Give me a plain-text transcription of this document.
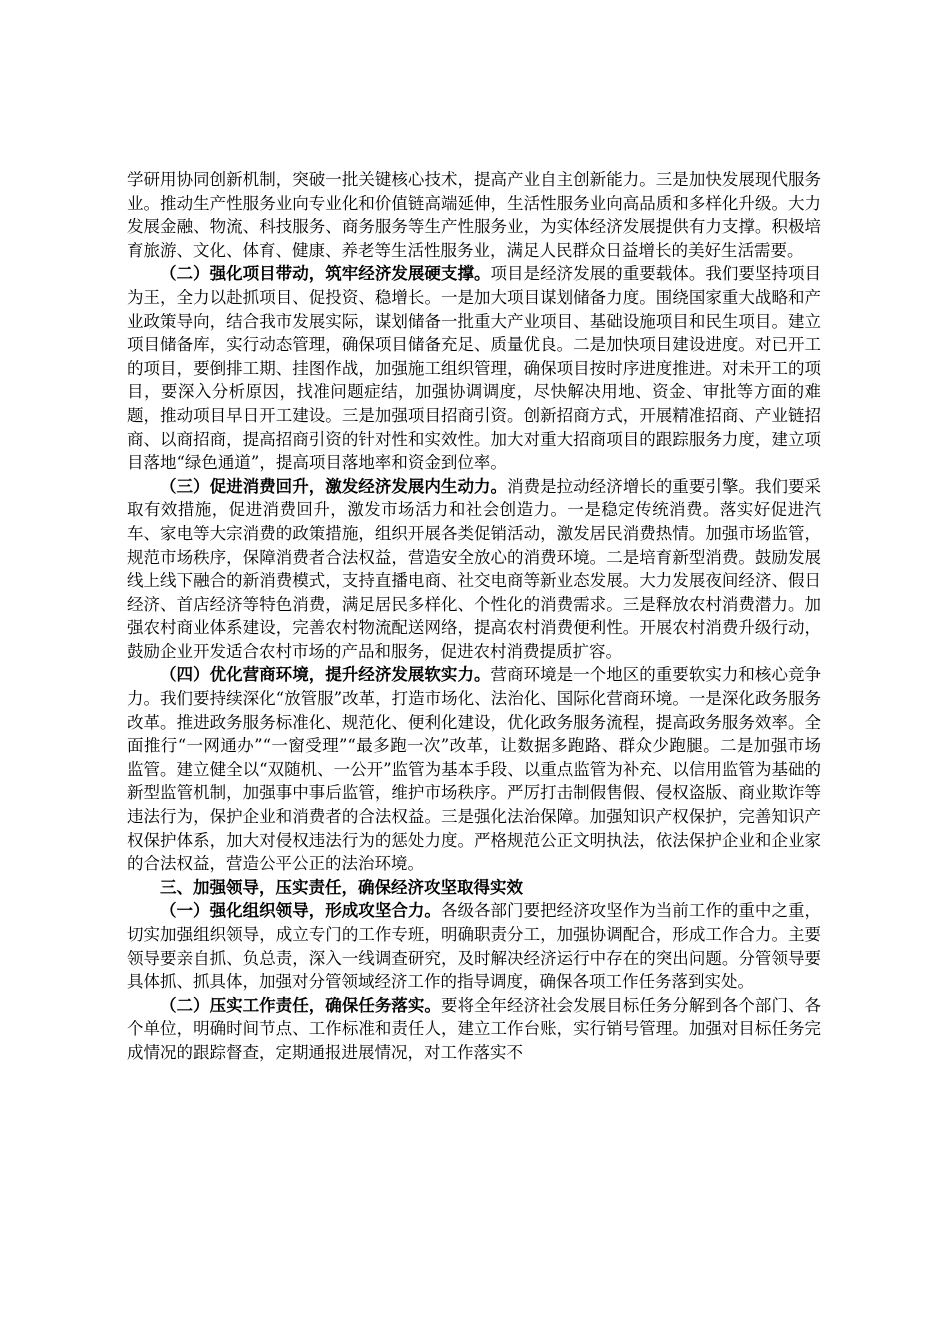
学研用协同创新机制，突破一批关键核心技术，提高产业自主创新能力。三是加快发展现代服务业。推动生产性服务业向专业化和价值链高端延伸，生活性服务业向高品质和多样化升级。大力发展金融、物流、科技服务、商务服务等生产性服务业，为实体经济发展提供有力支撑。积极培育旅游、文化、体育、健康、养老等生活性服务业，满足人民群众日益增长的美好生活需要。

（二）强化项目带动，筑牢经济发展硬支撑。项目是经济发展的重要载体。我们要坚持项目为王，全力以赴抓项目、促投资、稳增长。一是加大项目谋划储备力度。围绕国家重大战略和产业政策导向，结合我市发展实际，谋划储备一批重大产业项目、基础设施项目和民生项目。建立项目储备库，实行动态管理，确保项目储备充足、质量优良。二是加快项目建设进度。对已开工的项目，要倒排工期、挂图作战，加强施工组织管理，确保项目按时序进度推进。对未开工的项目，要深入分析原因，找准问题症结，加强协调调度，尽快解决用地、资金、审批等方面的难题，推动项目早日开工建设。三是加强项目招商引资。创新招商方式，开展精准招商、产业链招商、以商招商，提高招商引资的针对性和实效性。加大对重大招商项目的跟踪服务力度，建立项目落地“绿色通道”，提高项目落地率和资金到位率。

（三）促进消费回升，激发经济发展内生动力。消费是拉动经济增长的重要引擎。我们要采取有效措施，促进消费回升，激发市场活力和社会创造力。一是稳定传统消费。落实好促进汽车、家电等大宗消费的政策措施，组织开展各类促销活动，激发居民消费热情。加强市场监管，规范市场秩序，保障消费者合法权益，营造安全放心的消费环境。二是培育新型消费。鼓励发展线上线下融合的新消费模式，支持直播电商、社交电商等新业态发展。大力发展夜间经济、假日经济、首店经济等特色消费，满足居民多样化、个性化的消费需求。三是释放农村消费潜力。加强农村商业体系建设，完善农村物流配送网络，提高农村消费便利性。开展农村消费升级行动，鼓励企业开发适合农村市场的产品和服务，促进农村消费提质扩容。

（四）优化营商环境，提升经济发展软实力。营商环境是一个地区的重要软实力和核心竞争力。我们要持续深化“放管服”改革，打造市场化、法治化、国际化营商环境。一是深化政务服务改革。推进政务服务标准化、规范化、便利化建设，优化政务服务流程，提高政务服务效率。全面推行“一网通办”“一窗受理”“最多跑一次”改革，让数据多跑路、群众少跑腿。二是加强市场监管。建立健全以“双随机、一公开”监管为基本手段、以重点监管为补充、以信用监管为基础的新型监管机制，加强事中事后监管，维护市场秩序。严厉打击制假售假、侵权盗版、商业欺诈等违法行为，保护企业和消费者的合法权益。三是强化法治保障。加强知识产权保护，完善知识产权保护体系，加大对侵权违法行为的惩处力度。严格规范公正文明执法，依法保护企业和企业家的合法权益，营造公平公正的法治环境。

三、加强领导，压实责任，确保经济攻坚取得实效

（一）强化组织领导，形成攻坚合力。各级各部门要把经济攻坚作为当前工作的重中之重，切实加强组织领导，成立专门的工作专班，明确职责分工，加强协调配合，形成工作合力。主要领导要亲自抓、负总责，深入一线调查研究，及时解决经济运行中存在的突出问题。分管领导要具体抓、抓具体，加强对分管领域经济工作的指导调度，确保各项工作任务落到实处。

（二）压实工作责任，确保任务落实。要将全年经济社会发展目标任务分解到各个部门、各个单位，明确时间节点、工作标准和责任人，建立工作台账，实行销号管理。加强对目标任务完成情况的跟踪督查，定期通报进展情况，对工作落实不
